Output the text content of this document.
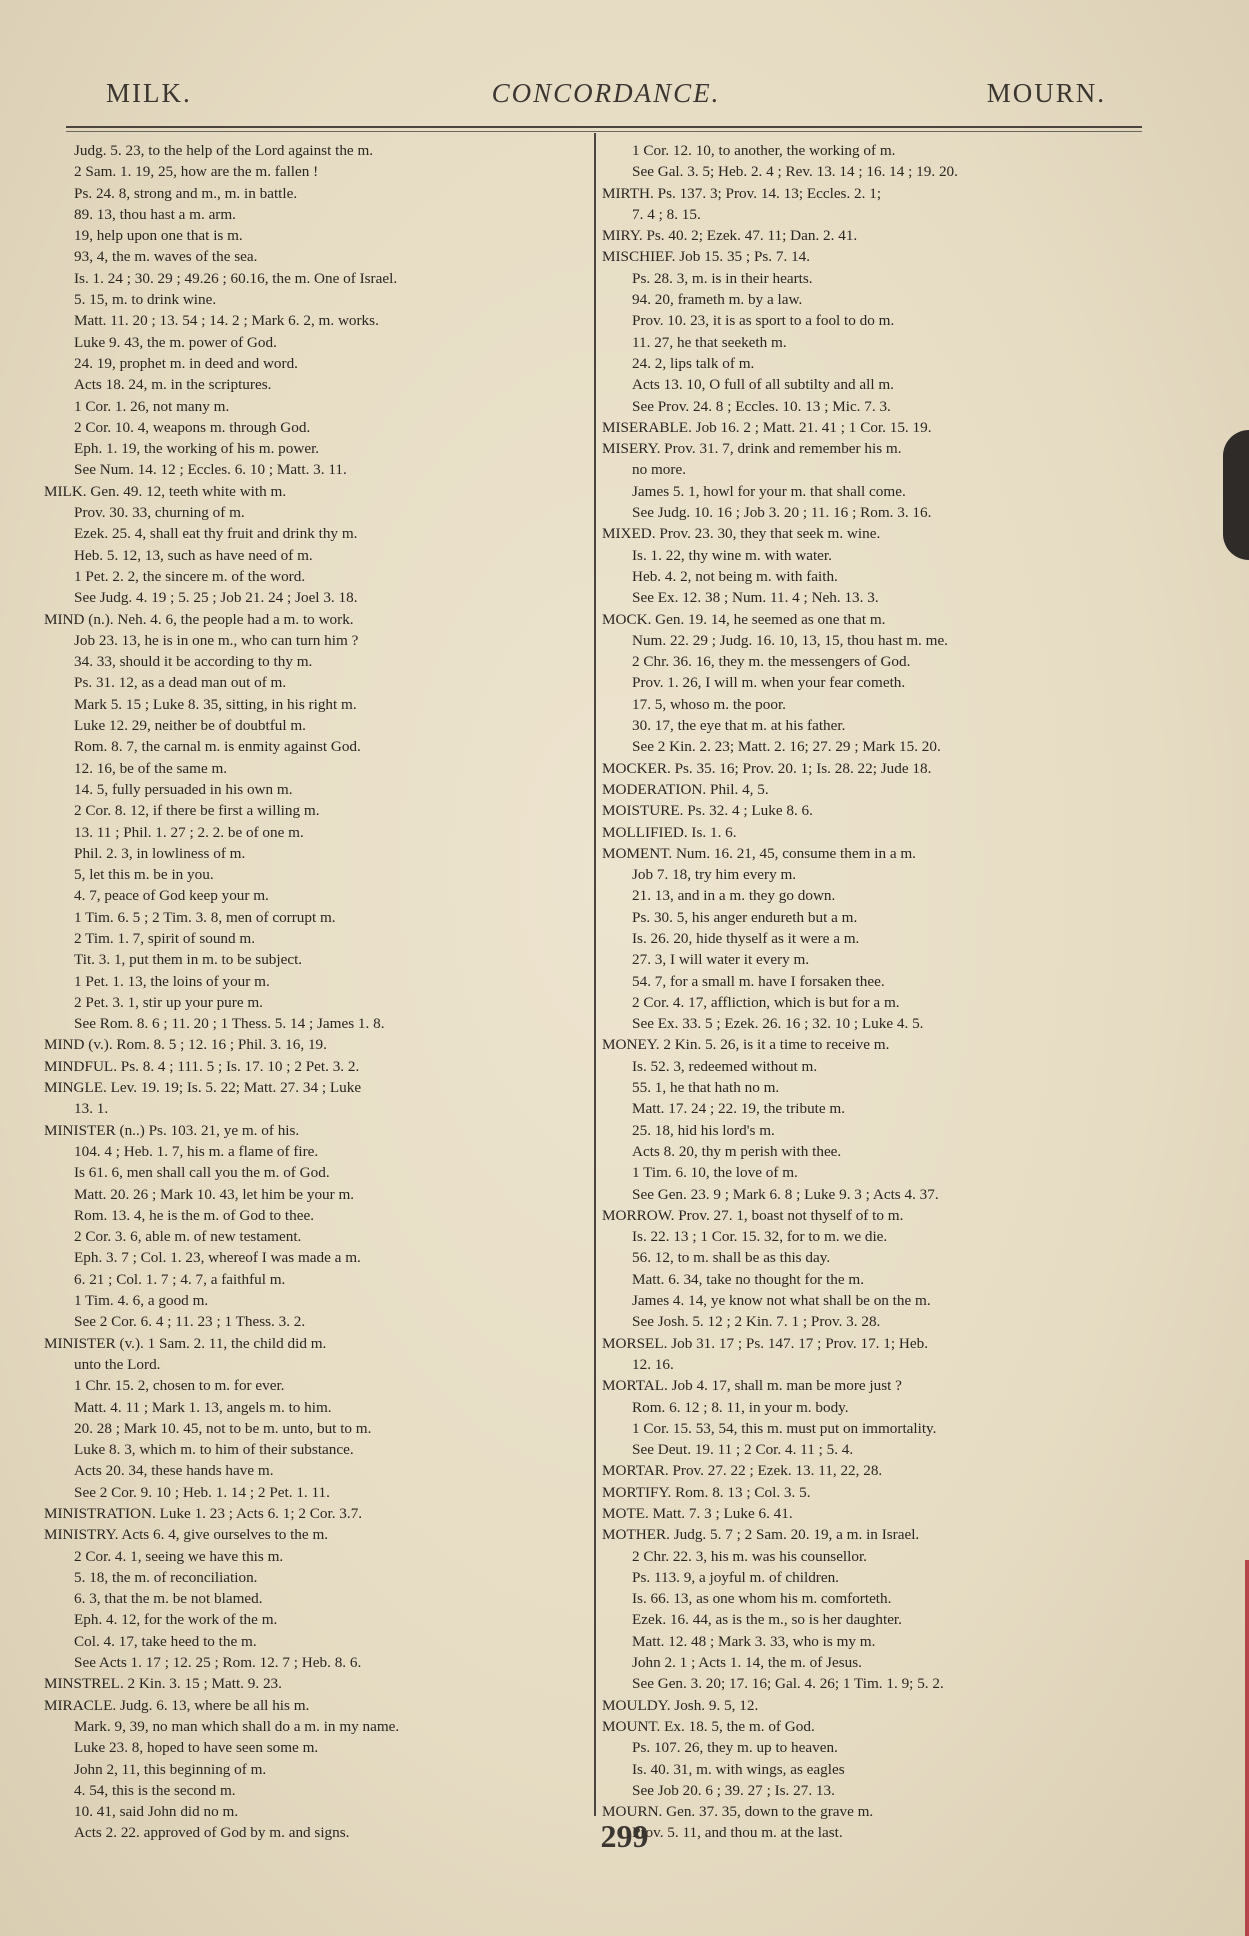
MILK.	CONCORDANCE.	MOURN.
Judg. 5. 23, to the help of the Lord against the m.
2 Sam. 1. 19, 25, how are the m. fallen !
Ps. 24. 8, strong and m., m. in battle.
89. 13, thou hast a m. arm.
19, help upon one that is m.
93, 4, the m. waves of the sea.
Is. 1. 24 ; 30. 29 ; 49.26 ; 60.16, the m. One of Israel.
5. 15, m. to drink wine.
Matt. 11. 20 ; 13. 54 ; 14. 2 ; Mark 6. 2, m. works.
Luke 9. 43, the m. power of God.
24. 19, prophet m. in deed and word.
Acts 18. 24, m. in the scriptures.
1 Cor. 1. 26, not many m.
2 Cor. 10. 4, weapons m. through God.
Eph. 1. 19, the working of his m. power.
See Num. 14. 12 ; Eccles. 6. 10 ; Matt. 3. 11.
MILK. Gen. 49. 12, teeth white with m.
Prov. 30. 33, churning of m.
Ezek. 25. 4, shall eat thy fruit and drink thy m.
Heb. 5. 12, 13, such as have need of m.
1 Pet. 2. 2, the sincere m. of the word.
See Judg. 4. 19 ; 5. 25 ; Job 21. 24 ; Joel 3. 18.
MIND (n.). Neh. 4. 6, the people had a m. to work.
Job 23. 13, he is in one m., who can turn him ?
34. 33, should it be according to thy m.
Ps. 31. 12, as a dead man out of m.
Mark 5. 15 ; Luke 8. 35, sitting, in his right m.
Luke 12. 29, neither be of doubtful m.
Rom. 8. 7, the carnal m. is enmity against God.
12. 16, be of the same m.
14. 5, fully persuaded in his own m.
2 Cor. 8. 12, if there be first a willing m.
13. 11 ; Phil. 1. 27 ; 2. 2. be of one m.
Phil. 2. 3, in lowliness of m.
5, let this m. be in you.
4. 7, peace of God keep your m.
1 Tim. 6. 5 ; 2 Tim. 3. 8, men of corrupt m.
2 Tim. 1. 7, spirit of sound m.
Tit. 3. 1, put them in m. to be subject.
1 Pet. 1. 13, the loins of your m.
2 Pet. 3. 1, stir up your pure m.
See Rom. 8. 6 ; 11. 20 ; 1 Thess. 5. 14 ; James 1. 8.
MIND (v.). Rom. 8. 5 ; 12. 16 ; Phil. 3. 16, 19.
MINDFUL. Ps. 8. 4 ; 111. 5 ; Is. 17. 10 ; 2 Pet. 3. 2.
MINGLE. Lev. 19. 19; Is. 5. 22; Matt. 27. 34 ; Luke
13. 1.
MINISTER (n..) Ps. 103. 21, ye m. of his.
104. 4 ; Heb. 1. 7, his m. a flame of fire.
Is 61. 6, men shall call you the m. of God.
Matt. 20. 26 ; Mark 10. 43, let him be your m.
Rom. 13. 4, he is the m. of God to thee.
2 Cor. 3. 6, able m. of new testament.
Eph. 3. 7 ; Col. 1. 23, whereof I was made a m.
6. 21 ; Col. 1. 7 ; 4. 7, a faithful m.
1 Tim. 4. 6, a good m.
See 2 Cor. 6. 4 ; 11. 23 ; 1 Thess. 3. 2.
MINISTER (v.). 1 Sam. 2. 11, the child did m.
unto the Lord.
1 Chr. 15. 2, chosen to m. for ever.
Matt. 4. 11 ; Mark 1. 13, angels m. to him.
20. 28 ; Mark 10. 45, not to be m. unto, but to m.
Luke 8. 3, which m. to him of their substance.
Acts 20. 34, these hands have m.
See 2 Cor. 9. 10 ; Heb. 1. 14 ; 2 Pet. 1. 11.
MINISTRATION. Luke 1. 23 ; Acts 6. 1; 2 Cor. 3.7.
MINISTRY. Acts 6. 4, give ourselves to the m.
2 Cor. 4. 1, seeing we have this m.
5. 18, the m. of reconciliation.
6. 3, that the m. be not blamed.
Eph. 4. 12, for the work of the m.
Col. 4. 17, take heed to the m.
See Acts 1. 17 ; 12. 25 ; Rom. 12. 7 ; Heb. 8. 6.
MINSTREL. 2 Kin. 3. 15 ; Matt. 9. 23.
MIRACLE. Judg. 6. 13, where be all his m.
Mark. 9, 39, no man which shall do a m. in my name.
Luke 23. 8, hoped to have seen some m.
John 2, 11, this beginning of m.
4. 54, this is the second m.
10. 41, said John did no m.
Acts 2. 22. approved of God by m. and signs.
1 Cor. 12. 10, to another, the working of m.
See Gal. 3. 5; Heb. 2. 4 ; Rev. 13. 14 ; 16. 14 ; 19. 20.
MIRTH. Ps. 137. 3; Prov. 14. 13; Eccles. 2. 1;
7. 4 ; 8. 15.
MIRY. Ps. 40. 2; Ezek. 47. 11; Dan. 2. 41.
MISCHIEF. Job 15. 35 ; Ps. 7. 14.
Ps. 28. 3, m. is in their hearts.
94. 20, frameth m. by a law.
Prov. 10. 23, it is as sport to a fool to do m.
11. 27, he that seeketh m.
24. 2, lips talk of m.
Acts 13. 10, O full of all subtilty and all m.
See Prov. 24. 8 ; Eccles. 10. 13 ; Mic. 7. 3.
MISERABLE. Job 16. 2 ; Matt. 21. 41 ; 1 Cor. 15. 19.
MISERY. Prov. 31. 7, drink and remember his m.
no more.
James 5. 1, howl for your m. that shall come.
See Judg. 10. 16 ; Job 3. 20 ; 11. 16 ; Rom. 3. 16.
MIXED. Prov. 23. 30, they that seek m. wine.
Is. 1. 22, thy wine m. with water.
Heb. 4. 2, not being m. with faith.
See Ex. 12. 38 ; Num. 11. 4 ; Neh. 13. 3.
MOCK. Gen. 19. 14, he seemed as one that m.
Num. 22. 29 ; Judg. 16. 10, 13, 15, thou hast m. me.
2 Chr. 36. 16, they m. the messengers of God.
Prov. 1. 26, I will m. when your fear cometh.
17. 5, whoso m. the poor.
30. 17, the eye that m. at his father.
See 2 Kin. 2. 23; Matt. 2. 16; 27. 29 ; Mark 15. 20.
MOCKER. Ps. 35. 16; Prov. 20. 1; Is. 28. 22; Jude 18.
MODERATION. Phil. 4, 5.
MOISTURE. Ps. 32. 4 ; Luke 8. 6.
MOLLIFIED. Is. 1. 6.
MOMENT. Num. 16. 21, 45, consume them in a m.
Job 7. 18, try him every m.
21. 13, and in a m. they go down.
Ps. 30. 5, his anger endureth but a m.
Is. 26. 20, hide thyself as it were a m.
27. 3, I will water it every m.
54. 7, for a small m. have I forsaken thee.
2 Cor. 4. 17, affliction, which is but for a m.
See Ex. 33. 5 ; Ezek. 26. 16 ; 32. 10 ; Luke 4. 5.
MONEY. 2 Kin. 5. 26, is it a time to receive m.
Is. 52. 3, redeemed without m.
55. 1, he that hath no m.
Matt. 17. 24 ; 22. 19, the tribute m.
25. 18, hid his lord's m.
Acts 8. 20, thy m perish with thee.
1 Tim. 6. 10, the love of m.
See Gen. 23. 9 ; Mark 6. 8 ; Luke 9. 3 ; Acts 4. 37.
MORROW. Prov. 27. 1, boast not thyself of to m.
Is. 22. 13 ; 1 Cor. 15. 32, for to m. we die.
56. 12, to m. shall be as this day.
Matt. 6. 34, take no thought for the m.
James 4. 14, ye know not what shall be on the m.
See Josh. 5. 12 ; 2 Kin. 7. 1 ; Prov. 3. 28.
MORSEL. Job 31. 17 ; Ps. 147. 17 ; Prov. 17. 1; Heb.
12. 16.
MORTAL. Job 4. 17, shall m. man be more just ?
Rom. 6. 12 ; 8. 11, in your m. body.
1 Cor. 15. 53, 54, this m. must put on immortality.
See Deut. 19. 11 ; 2 Cor. 4. 11 ; 5. 4.
MORTAR. Prov. 27. 22 ; Ezek. 13. 11, 22, 28.
MORTIFY. Rom. 8. 13 ; Col. 3. 5.
MOTE. Matt. 7. 3 ; Luke 6. 41.
MOTHER. Judg. 5. 7 ; 2 Sam. 20. 19, a m. in Israel.
2 Chr. 22. 3, his m. was his counsellor.
Ps. 113. 9, a joyful m. of children.
Is. 66. 13, as one whom his m. comforteth.
Ezek. 16. 44, as is the m., so is her daughter.
Matt. 12. 48 ; Mark 3. 33, who is my m.
John 2. 1 ; Acts 1. 14, the m. of Jesus.
See Gen. 3. 20; 17. 16; Gal. 4. 26; 1 Tim. 1. 9; 5. 2.
MOULDY. Josh. 9. 5, 12.
MOUNT. Ex. 18. 5, the m. of God.
Ps. 107. 26, they m. up to heaven.
Is. 40. 31, m. with wings, as eagles
See Job 20. 6 ; 39. 27 ; Is. 27. 13.
MOURN. Gen. 37. 35, down to the grave m.
Prov. 5. 11, and thou m. at the last.
299
